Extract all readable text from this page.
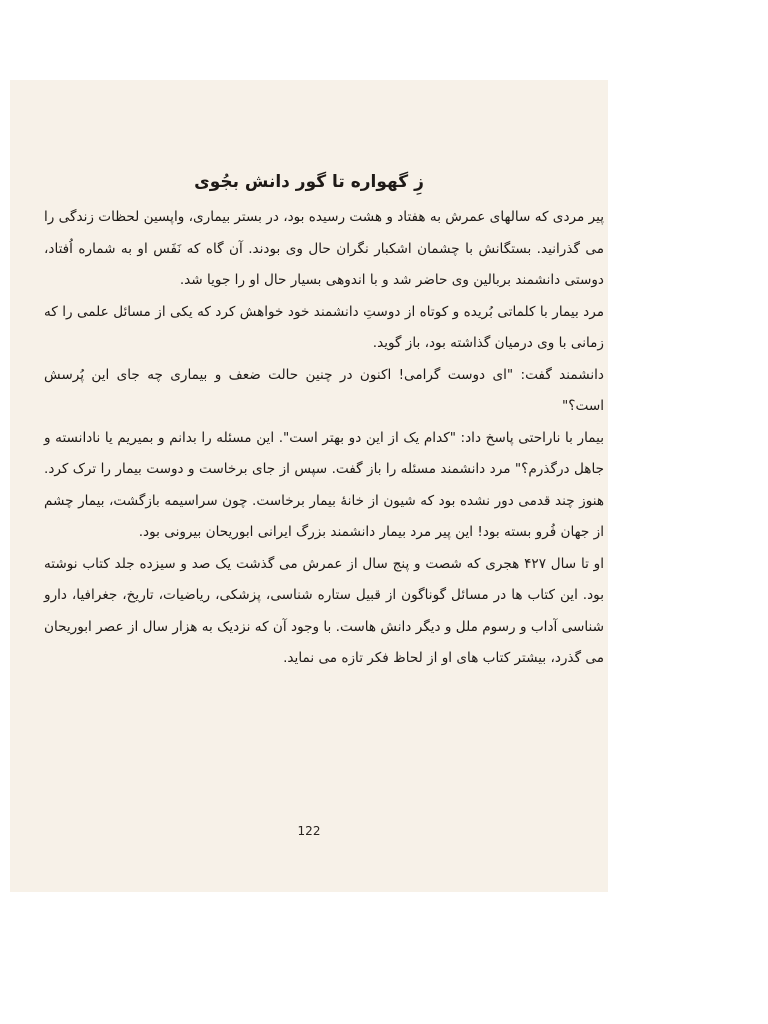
زِ گهواره تا گور دانش بجُوی

پیر مردی که سالهای عمرش به هفتاد و هشت رسیده بود، در بستر بیماری، واپسین لحظات زندگی را می گذرانید. بستگانش با چشمان اشکبار نگران حال وی بودند. آن گاه که نَفَس او به شماره اُفتاد، دوستی دانشمند بربالین وی حاضر شد و با اندوهی بسیار حال او را جویا شد.

مرد بیمار با کلماتی بُریده و کوتاه از دوستِ دانشمند خود خواهش کرد که یکی از مسائل علمی را که زمانی با وی درمیان گذاشته بود، باز گوید.

دانشمند گفت: "ای دوست گرامی! اکنون در چنین حالت ضعف و بیماری چه جای این پُرسش است؟"

بیمار با ناراحتی پاسخ داد: "کدام یک از این دو بهتر است". این مسئله را بدانم و بمیریم یا نادانسته و جاهل درگذرم؟" مرد دانشمند مسئله را باز گفت. سپس از جای برخاست و دوست بیمار را ترک کرد. هنوز چند قدمی دور نشده بود که شیون از خانهٔ بیمار برخاست. چون سراسیمه بازگشت، بیمار چشم از جهان فُرو بسته بود! این پیر مرد بیمار دانشمند بزرگ ایرانی ابوریحان بیرونی بود.

او تا سال ۴۲۷ هجری که شصت و پنج سال از عمرش می گذشت یک صد و سیزده جلد کتاب نوشته بود. این کتاب ها در مسائل گوناگون از قبیل ستاره شناسی، پزشکی، ریاضیات، تاریخ، جغرافیا، دارو شناسی آداب و رسوم ملل و دیگر دانش هاست. با وجود آن که نزدیک به هزار سال از عصر ابوریحان می گذرد، بیشتر کتاب های او از لحاظ فکر تازه می نماید.

122
